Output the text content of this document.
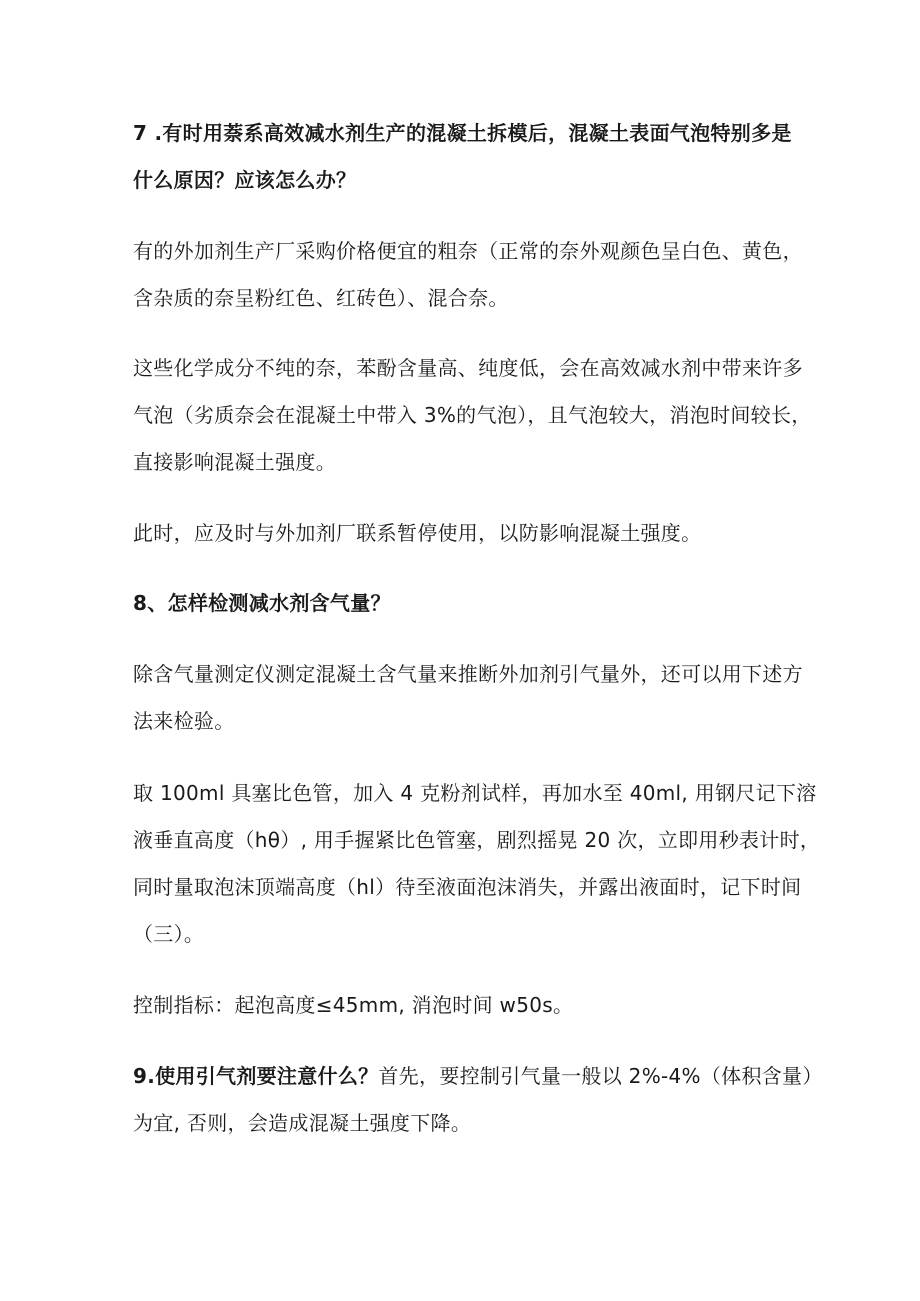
7 .有时用萘系高效减水剂生产的混凝土拆模后，混凝土表面气泡特别多是
什么原因？应该怎么办？
有的外加剂生产厂采购价格便宜的粗奈（正常的奈外观颜色呈白色、黄色，
含杂质的奈呈粉红色、红砖色）、混合奈。
这些化学成分不纯的奈，苯酚含量高、纯度低，会在高效减水剂中带来许多
气泡（劣质奈会在混凝土中带入 3%的气泡），且气泡较大，消泡时间较长，
直接影响混凝土强度。
此时，应及时与外加剂厂联系暂停使用，以防影响混凝土强度。
8、怎样检测减水剂含气量？
除含气量测定仪测定混凝土含气量来推断外加剂引气量外，还可以用下述方
法来检验。
取 100ml 具塞比色管，加入 4 克粉剂试样，再加水至 40ml, 用钢尺记下溶
液垂直高度（hθ）, 用手握紧比色管塞，剧烈摇晃 20 次，立即用秒表计时，
同时量取泡沫顶端高度（hl）待至液面泡沫消失，并露出液面时，记下时间
（三）。
控制指标：起泡高度≤45mm, 消泡时间 w50s。
9.使用引气剂要注意什么？首先，要控制引气量一般以 2%-4%（体积含量）
为宜, 否则，会造成混凝土强度下降。
